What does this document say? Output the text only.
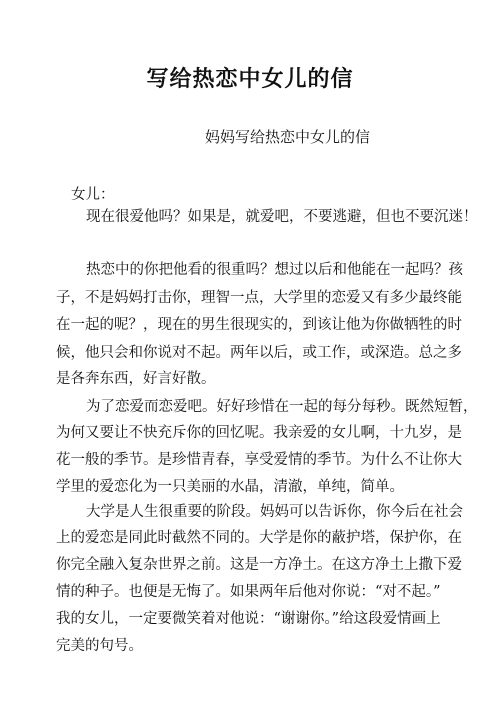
写给热恋中女儿的信
妈妈写给热恋中女儿的信
女儿：
现在很爱他吗？如果是，就爱吧，不要逃避，但也不要沉迷！
热恋中的你把他看的很重吗？想过以后和他能在一起吗？孩
子，不是妈妈打击你，理智一点，大学里的恋爱又有多少最终能
在一起的呢？，现在的男生很现实的，到该让他为你做牺牲的时
候，他只会和你说对不起。两年以后，或工作，或深造。总之多
是各奔东西，好言好散。
为了恋爱而恋爱吧。好好珍惜在一起的每分每秒。既然短暂，
为何又要让不快充斥你的回忆呢。我亲爱的女儿啊，十九岁，是
花一般的季节。是珍惜青春，享受爱情的季节。为什么不让你大
学里的爱恋化为一只美丽的水晶，清澈，单纯，简单。
大学是人生很重要的阶段。妈妈可以告诉你，你今后在社会
上的爱恋是同此时截然不同的。大学是你的蔽护塔，保护你，在
你完全融入复杂世界之前。这是一方净土。在这方净土上撒下爱
情的种子。也便是无悔了。如果两年后他对你说：“对不起。”
我的女儿，一定要微笑着对他说：“谢谢你。”给这段爱情画上
完美的句号。
